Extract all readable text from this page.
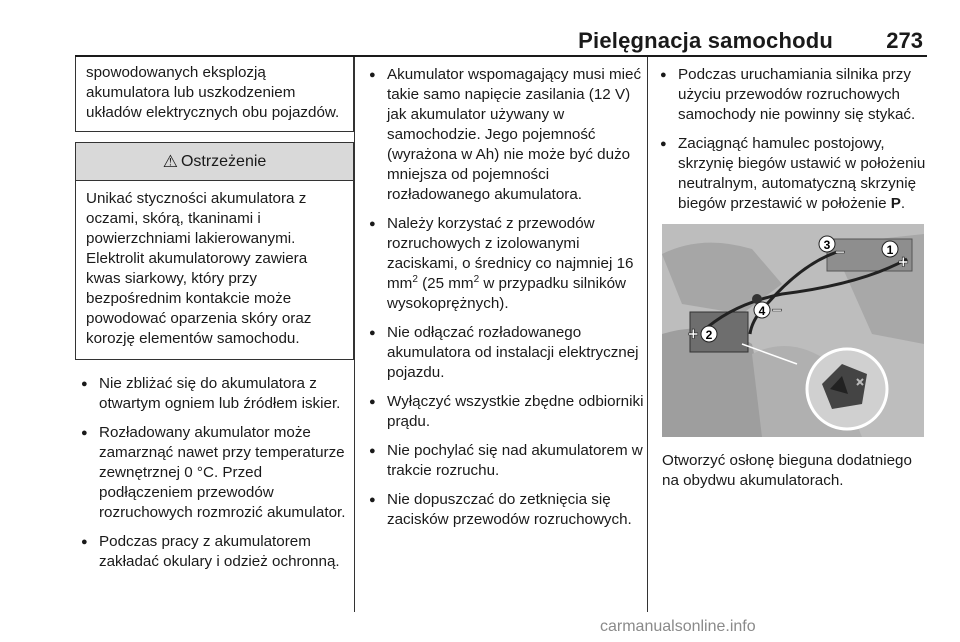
Pielęgnacja samochodu 273
spowodowanych eksplozją akumulatora lub uszkodzeniem układów elektrycznych obu pojazdów.
⚠ Ostrzeżenie
Unikać styczności akumulatora z oczami, skórą, tkaninami i powierzchniami lakierowanymi. Elektrolit akumulatorowy zawiera kwas siarkowy, który przy bezpośrednim kontakcie może powodować oparzenia skóry oraz korozję elementów samochodu.
● Nie zbliżać się do akumulatora z otwartym ogniem lub źródłem iskier.
● Rozładowany akumulator może zamarznąć nawet przy temperaturze zewnętrznej 0 °C. Przed podłączeniem przewodów rozruchowych rozmrozić akumulator.
● Podczas pracy z akumulatorem zakładać okulary i odzież ochronną.
● Akumulator wspomagający musi mieć takie samo napięcie zasilania (12 V) jak akumulator używany w samochodzie. Jego pojemność (wyrażona w Ah) nie może być dużo mniejsza od pojemności rozładowanego akumulatora.
● Należy korzystać z przewodów rozruchowych z izolowanymi zaciskami, o średnicy co najmniej 16 $mm^2$ (25 $mm^2$ w przypadku silników wysokoprężnych).
● Nie odłączać rozładowanego akumulatora od instalacji elektrycznej pojazdu.
● Wyłączyć wszystkie zbędne odbiorniki prądu.
● Nie pochylać się nad akumulatorem w trakcie rozruchu.
● Nie dopuszczać do zetknięcia się zacisków przewodów rozruchowych.
● Podczas uruchamiania silnika przy użyciu przewodów rozruchowych samochody nie powinny się stykać.
● Zaciągnąć hamulec postojowy, skrzynię biegów ustawić w położeniu neutralnym, automatyczną skrzynię biegów przestawić w położenie P.
1
+
3 –
4 –
+ 2
Otworzyć osłonę bieguna dodatniego na obydwu akumulatorach.
carmanualsonline.info
